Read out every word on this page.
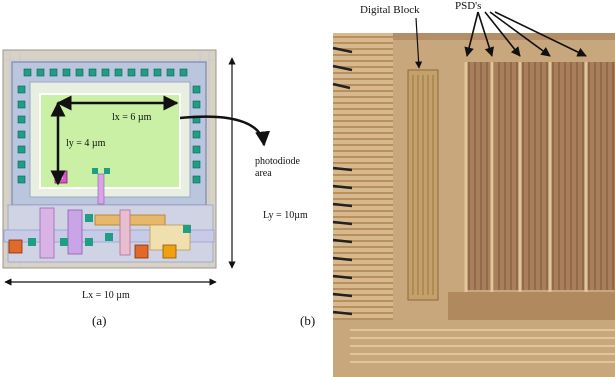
lx = 6 µm
ly = 4 µm
Lx = 10 µm
Ly = 10µm
photodiode
area
(a)
Digital Block	PSD's
(b)
